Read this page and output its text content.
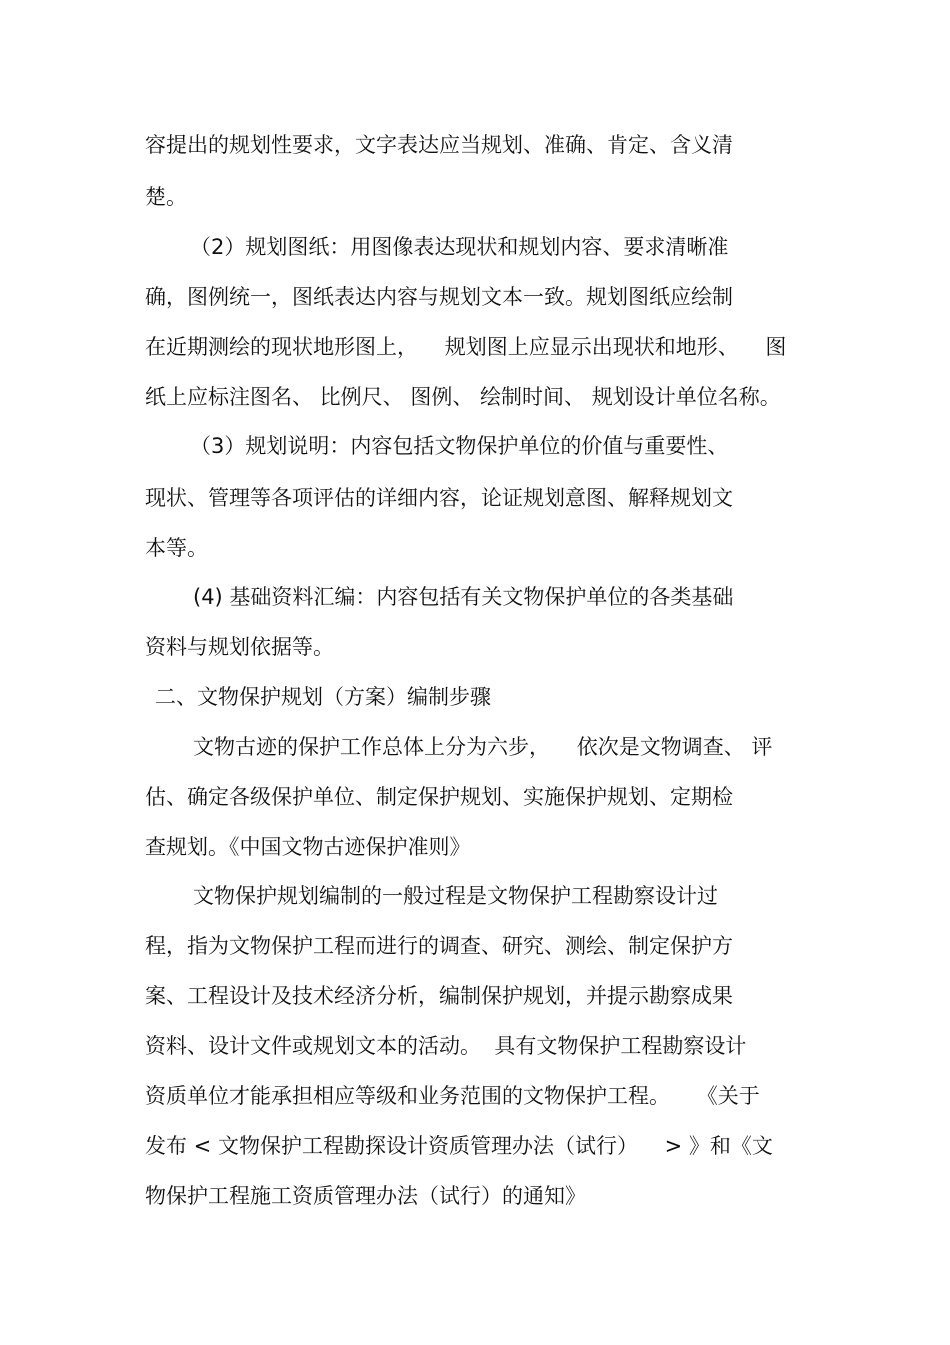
容提出的规划性要求，文字表达应当规划、准确、肯定、含义清
楚。
（2）规划图纸：用图像表达现状和规划内容、要求清晰准
确，图例统一，图纸表达内容与规划文本一致。规划图纸应绘制
在近期测绘的现状地形图上，    规划图上应显示出现状和地形、    图
纸上应标注图名、 比例尺、 图例、 绘制时间、 规划设计单位名称。
（3）规划说明：内容包括文物保护单位的价值与重要性、
现状、管理等各项评估的详细内容，论证规划意图、解释规划文
本等。
(4) 基础资料汇编：内容包括有关文物保护单位的各类基础
资料与规划依据等。
二、文物保护规划（方案）编制步骤
文物古迹的保护工作总体上分为六步，    依次是文物调查、 评
估、确定各级保护单位、制定保护规划、实施保护规划、定期检
查规划。《中国文物古迹保护准则》
文物保护规划编制的一般过程是文物保护工程勘察设计过
程，指为文物保护工程而进行的调查、研究、测绘、制定保护方
案、工程设计及技术经济分析，编制保护规划，并提示勘察成果
资料、设计文件或规划文本的活动。  具有文物保护工程勘察设计
资质单位才能承担相应等级和业务范围的文物保护工程。    《关于
发布 < 文物保护工程勘探设计资质管理办法（试行）    > 》和《文
物保护工程施工资质管理办法（试行）的通知》
